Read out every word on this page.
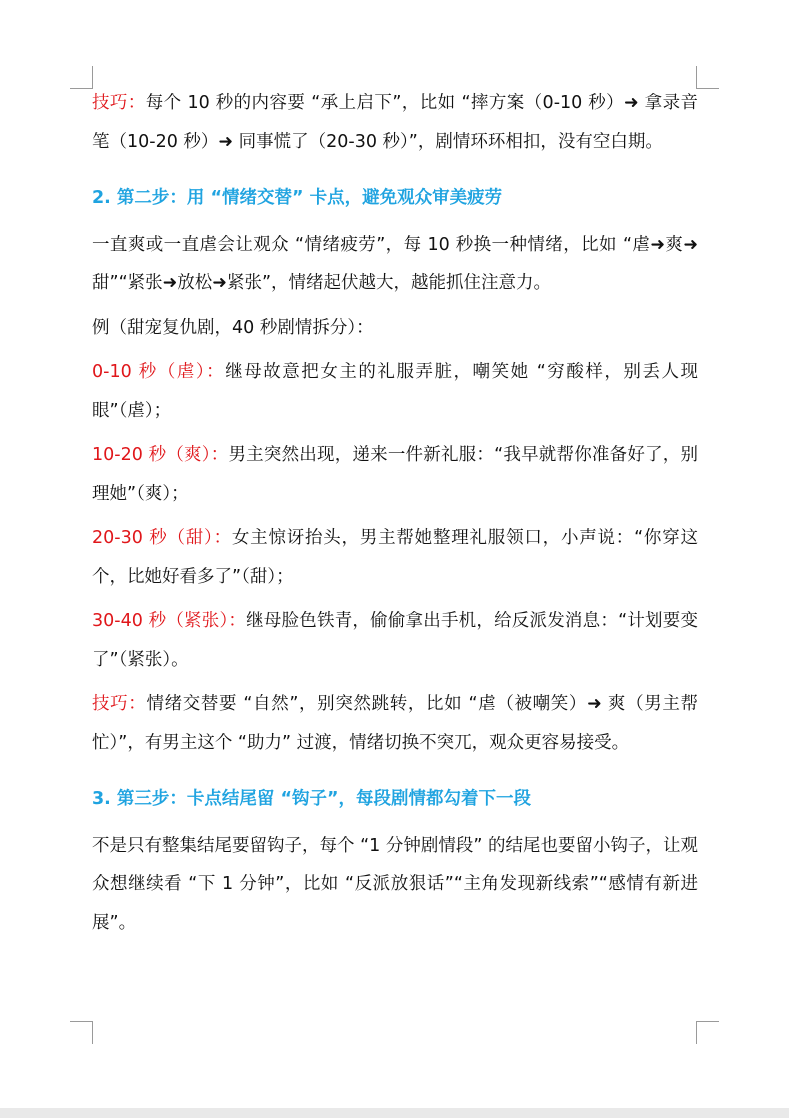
技巧：每个 10 秒的内容要 “承上启下”，比如 “摔方案（0-10 秒）➜ 拿录音笔（10-20 秒）➜ 同事慌了（20-30 秒）”，剧情环环相扣，没有空白期。

2. 第二步：用 “情绪交替” 卡点，避免观众审美疲劳

一直爽或一直虐会让观众 “情绪疲劳”，每 10 秒换一种情绪，比如 “虐➜爽➜甜”“紧张➜放松➜紧张”，情绪起伏越大，越能抓住注意力。

例（甜宠复仇剧，40 秒剧情拆分）：

0-10 秒（虐）：继母故意把女主的礼服弄脏，嘲笑她 “穷酸样，别丢人现眼”（虐）；

10-20 秒（爽）：男主突然出现，递来一件新礼服：“我早就帮你准备好了，别理她”（爽）；

20-30 秒（甜）：女主惊讶抬头，男主帮她整理礼服领口，小声说：“你穿这个，比她好看多了”（甜）；

30-40 秒（紧张）：继母脸色铁青，偷偷拿出手机，给反派发消息：“计划要变了”（紧张）。

技巧：情绪交替要 “自然”，别突然跳转，比如 “虐（被嘲笑）➜ 爽（男主帮忙）”，有男主这个 “助力” 过渡，情绪切换不突兀，观众更容易接受。

3. 第三步：卡点结尾留 “钩子”，每段剧情都勾着下一段

不是只有整集结尾要留钩子，每个 “1 分钟剧情段” 的结尾也要留小钩子，让观众想继续看 “下 1 分钟”，比如 “反派放狠话”“主角发现新线索”“感情有新进展”。
